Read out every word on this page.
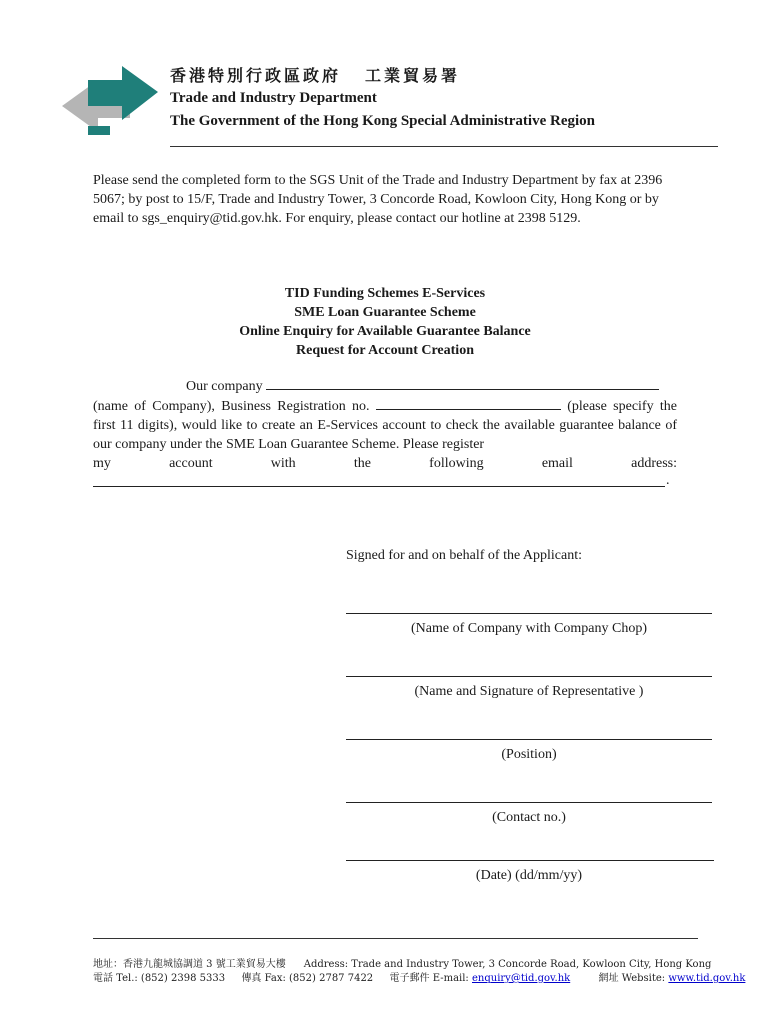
香港特別行政區政府 工業貿易署
Trade and Industry Department
The Government of the Hong Kong Special Administrative Region
Please send the completed form to the SGS Unit of the Trade and Industry Department by fax at 2396 5067; by post to 15/F, Trade and Industry Tower, 3 Concorde Road, Kowloon City, Hong Kong or by email to sgs_enquiry@tid.gov.hk. For enquiry, please contact our hotline at 2398 5129.
TID Funding Schemes E-Services
SME Loan Guarantee Scheme
Online Enquiry for Available Guarantee Balance
Request for Account Creation
Our company
(name of Company), Business Registration no.	(please specify the first 11 digits), would like to create an E-Services account to check the available guarantee balance of our company under the SME Loan Guarantee Scheme. Please register
my	account	with	the	following	email	address:
.
Signed for and on behalf of the Applicant:
(Name of Company with Company Chop)
(Name and Signature of Representative )
(Position)
(Contact no.)
(Date) (dd/mm/yy)
地址：香港九龍城協調道 3 號工業貿易大樓 Address: Trade and Industry Tower, 3 Concorde Road, Kowloon City, Hong Kong
電話 Tel.: (852) 2398 5333 傳真 Fax: (852) 2787 7422 電子郵件 E-mail: enquiry@tid.gov.hk	網址 Website: www.tid.gov.hk
